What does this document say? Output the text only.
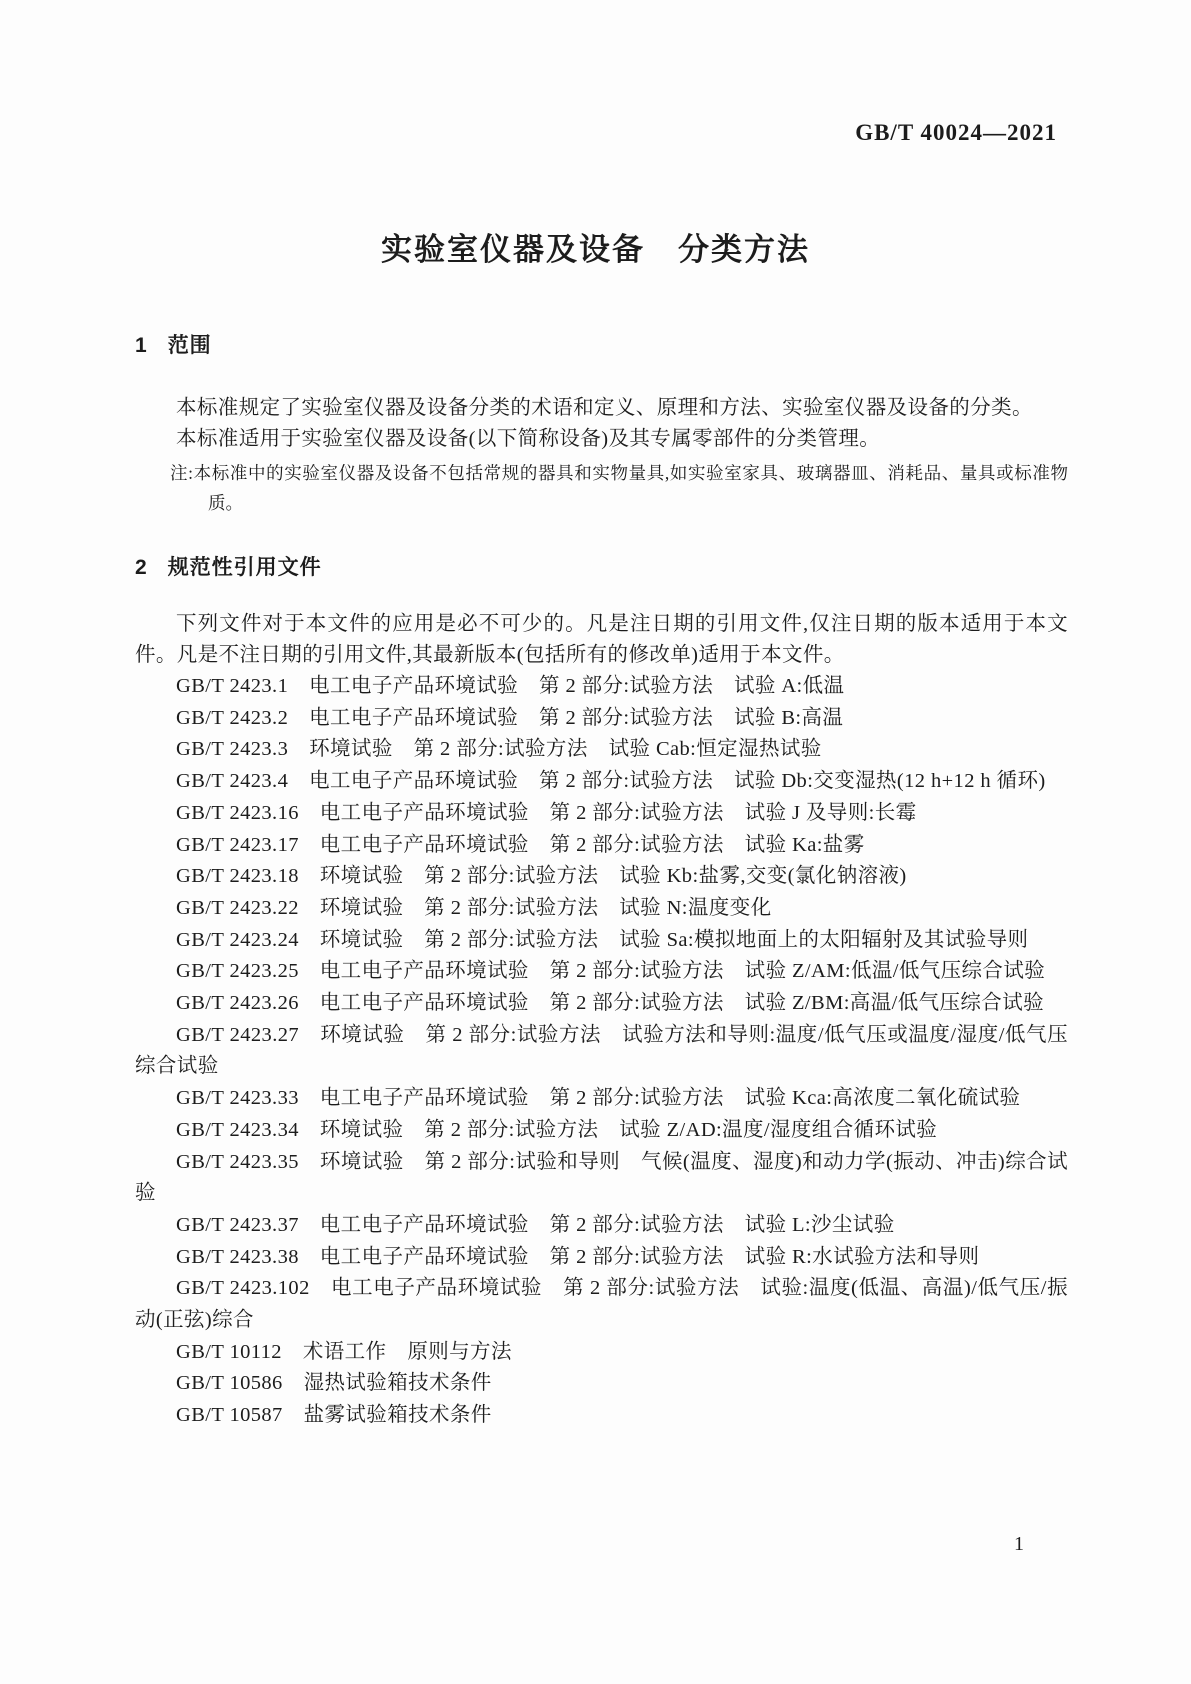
GB/T 40024—2021
实验室仪器及设备　分类方法
1 范围

本标准规定了实验室仪器及设备分类的术语和定义、原理和方法、实验室仪器及设备的分类。

本标准适用于实验室仪器及设备(以下简称设备)及其专属零部件的分类管理。

注:本标准中的实验室仪器及设备不包括常规的器具和实物量具,如实验室家具、玻璃器皿、消耗品、量具或标准物质。

2 规范性引用文件

下列文件对于本文件的应用是必不可少的。凡是注日期的引用文件,仅注日期的版本适用于本文件。凡是不注日期的引用文件,其最新版本(包括所有的修改单)适用于本文件。

GB/T 2423.1　电工电子产品环境试验　第 2 部分:试验方法　试验 A:低温

GB/T 2423.2　电工电子产品环境试验　第 2 部分:试验方法　试验 B:高温

GB/T 2423.3　环境试验　第 2 部分:试验方法　试验 Cab:恒定湿热试验

GB/T 2423.4　电工电子产品环境试验　第 2 部分:试验方法　试验 Db:交变湿热(12 h+12 h 循环)

GB/T 2423.16　电工电子产品环境试验　第 2 部分:试验方法　试验 J 及导则:长霉

GB/T 2423.17　电工电子产品环境试验　第 2 部分:试验方法　试验 Ka:盐雾

GB/T 2423.18　环境试验　第 2 部分:试验方法　试验 Kb:盐雾,交变(氯化钠溶液)

GB/T 2423.22　环境试验　第 2 部分:试验方法　试验 N:温度变化

GB/T 2423.24　环境试验　第 2 部分:试验方法　试验 Sa:模拟地面上的太阳辐射及其试验导则

GB/T 2423.25　电工电子产品环境试验　第 2 部分:试验方法　试验 Z/AM:低温/低气压综合试验

GB/T 2423.26　电工电子产品环境试验　第 2 部分:试验方法　试验 Z/BM:高温/低气压综合试验

GB/T 2423.27　环境试验　第 2 部分:试验方法　试验方法和导则:温度/低气压或温度/湿度/低气压综合试验

GB/T 2423.33　电工电子产品环境试验　第 2 部分:试验方法　试验 Kca:高浓度二氧化硫试验

GB/T 2423.34　环境试验　第 2 部分:试验方法　试验 Z/AD:温度/湿度组合循环试验

GB/T 2423.35　环境试验　第 2 部分:试验和导则　气候(温度、湿度)和动力学(振动、冲击)综合试验

GB/T 2423.37　电工电子产品环境试验　第 2 部分:试验方法　试验 L:沙尘试验

GB/T 2423.38　电工电子产品环境试验　第 2 部分:试验方法　试验 R:水试验方法和导则

GB/T 2423.102　电工电子产品环境试验　第 2 部分:试验方法　试验:温度(低温、高温)/低气压/振动(正弦)综合

GB/T 10112　术语工作　原则与方法

GB/T 10586　湿热试验箱技术条件

GB/T 10587　盐雾试验箱技术条件

1
